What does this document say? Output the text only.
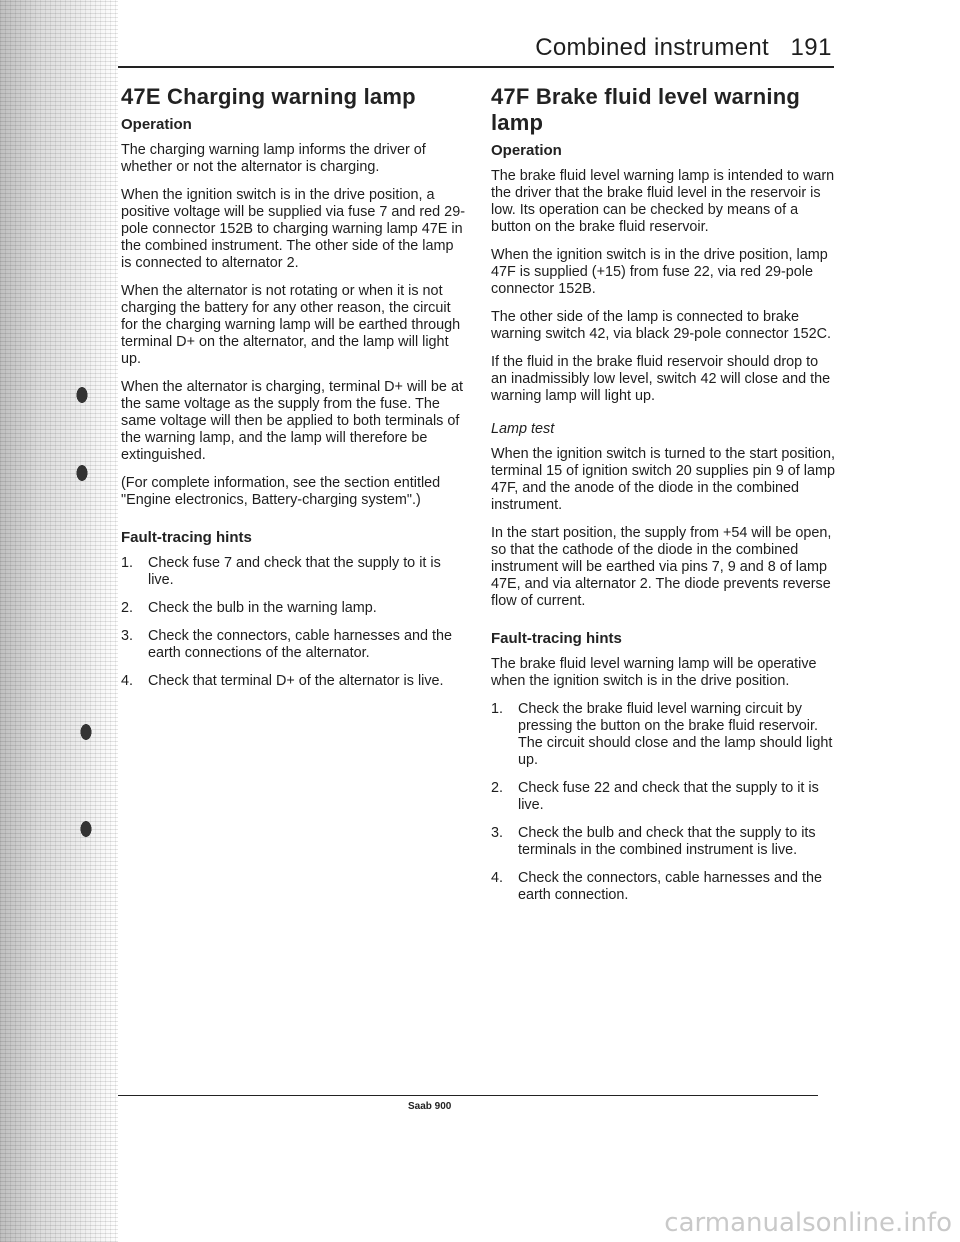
Combined instrument 191
47E Charging warning lamp
Operation

The charging warning lamp informs the driver of whether or not the alternator is charging.

When the ignition switch is in the drive position, a positive voltage will be supplied via fuse 7 and red 29-pole connector 152B to charging warning lamp 47E in the combined instrument. The other side of the lamp is connected to alternator 2.

When the alternator is not rotating or when it is not charging the battery for any other reason, the circuit for the charging warning lamp will be earthed through terminal D+ on the alternator, and the lamp will light up.

When the alternator is charging, terminal D+ will be at the same voltage as the supply from the fuse. The same voltage will then be applied to both terminals of the warning lamp, and the lamp will therefore be extinguished.

(For complete information, see the section entitled "Engine electronics, Battery-charging system".)

Fault-tracing hints
1. Check fuse 7 and check that the supply to it is live.
2. Check the bulb in the warning lamp.
3. Check the connectors, cable harnesses and the earth connections of the alternator.
4. Check that terminal D+ of the alternator is live.
47F Brake fluid level warning lamp
Operation

The brake fluid level warning lamp is intended to warn the driver that the brake fluid level in the reservoir is low. Its operation can be checked by means of a button on the brake fluid reservoir.

When the ignition switch is in the drive position, lamp 47F is supplied (+15) from fuse 22, via red 29-pole connector 152B.

The other side of the lamp is connected to brake warning switch 42, via black 29-pole connector 152C.

If the fluid in the brake fluid reservoir should drop to an inadmissibly low level, switch 42 will close and the warning lamp will light up.

Lamp test

When the ignition switch is turned to the start position, terminal 15 of ignition switch 20 supplies pin 9 of lamp 47F, and the anode of the diode in the combined instrument.

In the start position, the supply from +54 will be open, so that the cathode of the diode in the combined instrument will be earthed via pins 7, 9 and 8 of lamp 47E, and via alternator 2. The diode prevents reverse flow of current.

Fault-tracing hints

The brake fluid level warning lamp will be operative when the ignition switch is in the drive position.

1. Check the brake fluid level warning circuit by pressing the button on the brake fluid reservoir. The circuit should close and the lamp should light up.
2. Check fuse 22 and check that the supply to it is live.
3. Check the bulb and check that the supply to its terminals in the combined instrument is live.
4. Check the connectors, cable harnesses and the earth connection.
Saab 900
carmanualsonline.info
